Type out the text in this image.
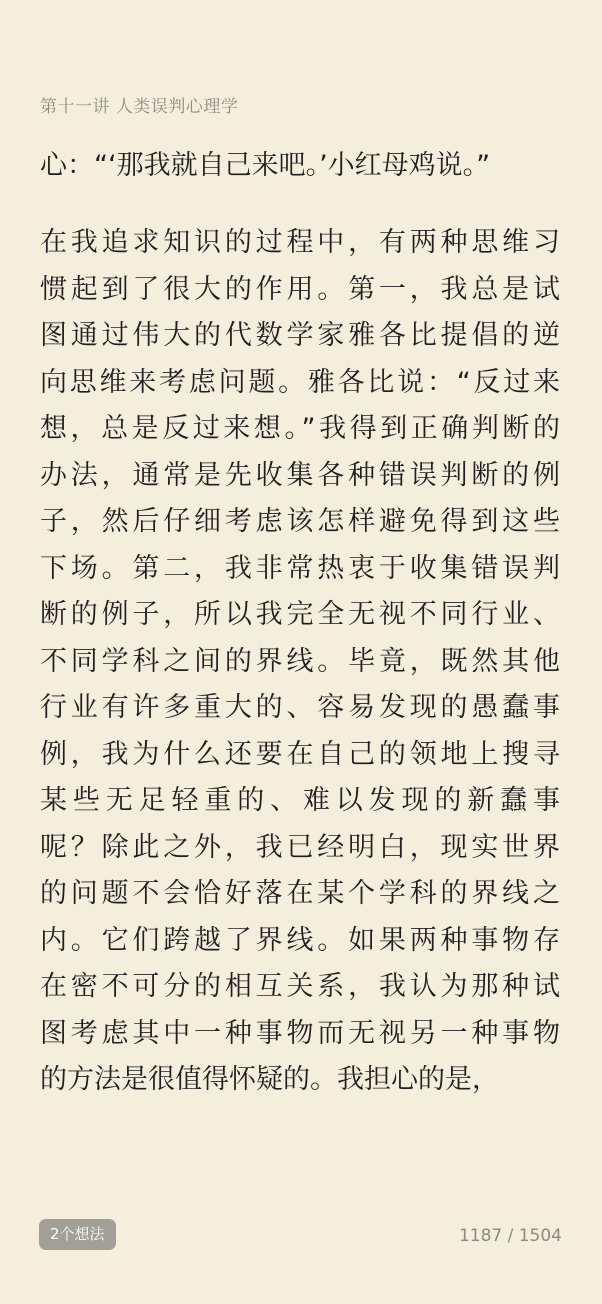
第十一讲 人类误判心理学
心：“‘那我就自己来吧。’小红母鸡说。”
在我追求知识的过程中，有两种思维习
惯起到了很大的作用。第一，我总是试
图通过伟大的代数学家雅各比提倡的逆
向思维来考虑问题。雅各比说：“反过来
想，总是反过来想。”我得到正确判断的
办法，通常是先收集各种错误判断的例
子，然后仔细考虑该怎样避免得到这些
下场。第二，我非常热衷于收集错误判
断的例子，所以我完全无视不同行业、
不同学科之间的界线。毕竟，既然其他
行业有许多重大的、容易发现的愚蠢事
例，我为什么还要在自己的领地上搜寻
某些无足轻重的、难以发现的新蠢事
呢？除此之外，我已经明白，现实世界
的问题不会恰好落在某个学科的界线之
内。它们跨越了界线。如果两种事物存
在密不可分的相互关系，我认为那种试
图考虑其中一种事物而无视另一种事物
的方法是很值得怀疑的。我担心的是，
2个想法	1187 / 1504
